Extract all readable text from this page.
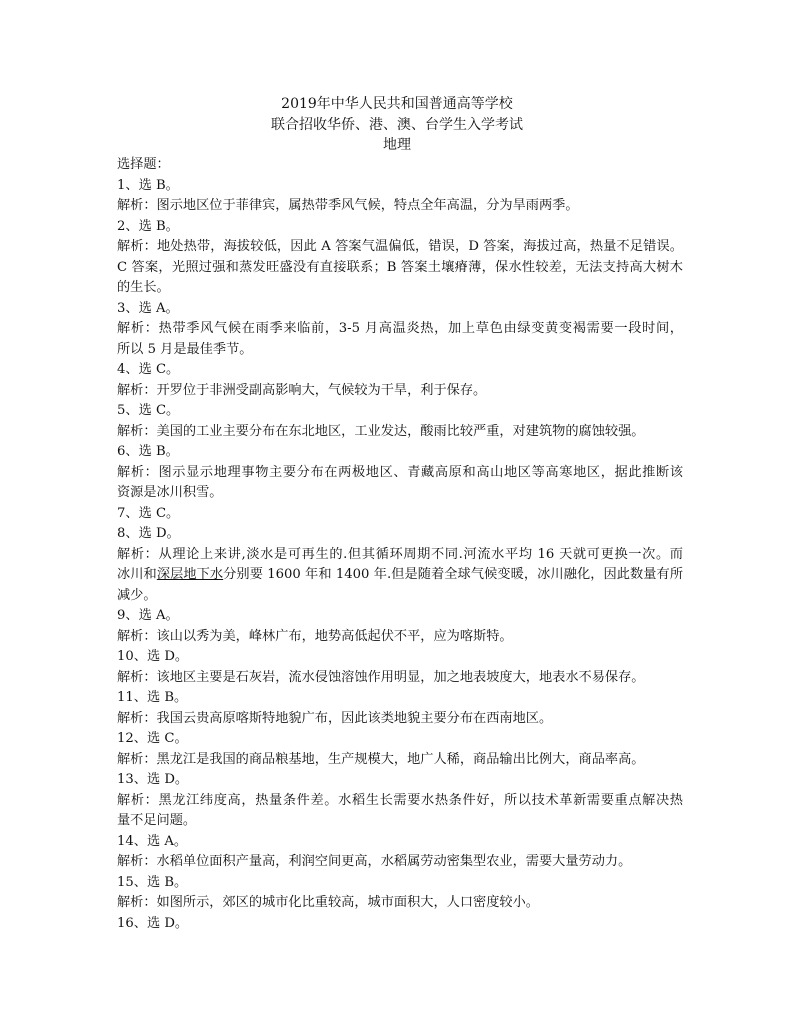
2019年中华人民共和国普通高等学校
联合招收华侨、港、澳、台学生入学考试
地理
选择题：
1、选 B。
解析：图示地区位于菲律宾，属热带季风气候，特点全年高温，分为旱雨两季。
2、选 B。
解析：地处热带，海拔较低，因此 A 答案气温偏低，错误，D 答案，海拔过高，热量不足错误。
C 答案，光照过强和蒸发旺盛没有直接联系；B 答案土壤瘠薄，保水性较差，无法支持高大树木
的生长。
3、选 A。
解析：热带季风气候在雨季来临前，3-5 月高温炎热，加上草色由绿变黄变褐需要一段时间，
所以 5 月是最佳季节。
4、选 C。
解析：开罗位于非洲受副高影响大，气候较为干旱，利于保存。
5、选 C。
解析：美国的工业主要分布在东北地区，工业发达，酸雨比较严重，对建筑物的腐蚀较强。
6、选 B。
解析：图示显示地理事物主要分布在两极地区、青藏高原和高山地区等高寒地区，据此推断该
资源是冰川积雪。
7、选 C。
8、选 D。
解析：从理论上来讲,淡水是可再生的.但其循环周期不同.河流水平均 16 天就可更换一次。而
冰川和深层地下水分别要 1600 年和 1400 年.但是随着全球气候变暖，冰川融化，因此数量有所
减少。
9、选 A。
解析：该山以秀为美，峰林广布，地势高低起伏不平，应为喀斯特。
10、选 D。
解析：该地区主要是石灰岩，流水侵蚀溶蚀作用明显，加之地表坡度大，地表水不易保存。
11、选 B。
解析：我国云贵高原喀斯特地貌广布，因此该类地貌主要分布在西南地区。
12、选 C。
解析：黑龙江是我国的商品粮基地，生产规模大，地广人稀，商品输出比例大，商品率高。
13、选 D。
解析：黑龙江纬度高，热量条件差。水稻生长需要水热条件好，所以技术革新需要重点解决热
量不足问题。
14、选 A。
解析：水稻单位面积产量高，利润空间更高，水稻属劳动密集型农业，需要大量劳动力。
15、选 B。
解析：如图所示，郊区的城市化比重较高，城市面积大，人口密度较小。
16、选 D。
